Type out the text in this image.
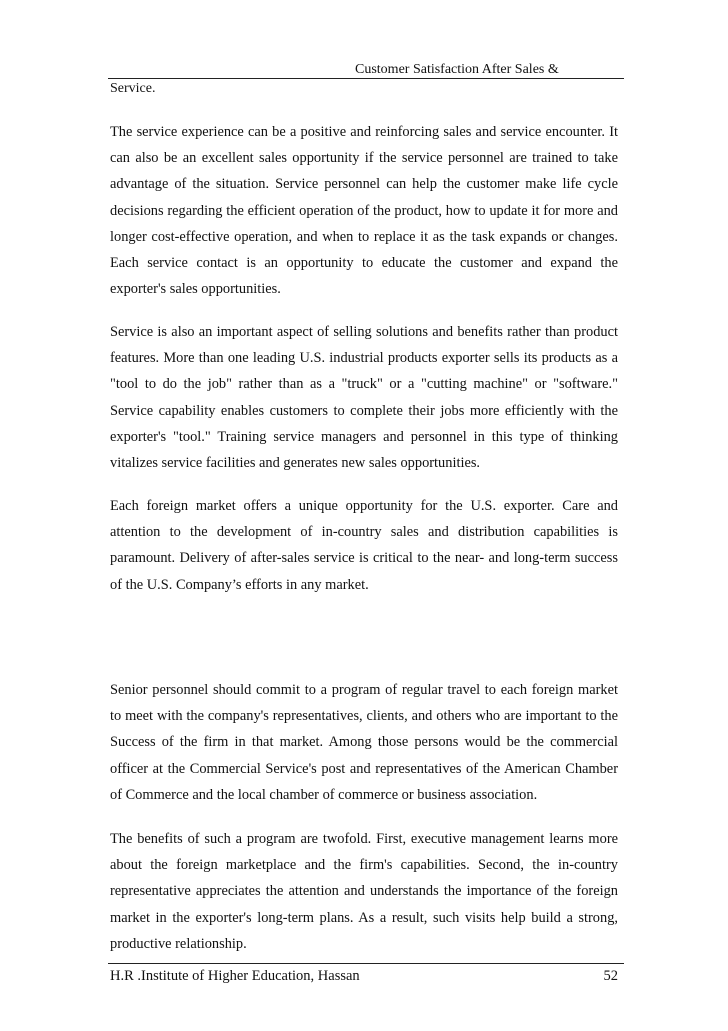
Customer Satisfaction After Sales &
Service.

The service experience can be a positive and reinforcing sales and service encounter. It can also be an excellent sales opportunity if the service personnel are trained to take advantage of the situation. Service personnel can help the customer make life cycle decisions regarding the efficient operation of the product, how to update it for more and longer cost-effective operation, and when to replace it as the task expands or changes. Each service contact is an opportunity to educate the customer and expand the exporter's sales opportunities.

Service is also an important aspect of selling solutions and benefits rather than product features. More than one leading U.S. industrial products exporter sells its products as a "tool to do the job" rather than as a "truck" or a "cutting machine" or "software." Service capability enables customers to complete their jobs more efficiently with the exporter's "tool." Training service managers and personnel in this type of thinking vitalizes service facilities and generates new sales opportunities.

Each foreign market offers a unique opportunity for the U.S. exporter. Care and attention to the development of in-country sales and distribution capabilities is paramount. Delivery of after-sales service is critical to the near- and long-term success of the U.S. Company’s efforts in any market.

Senior personnel should commit to a program of regular travel to each foreign market to meet with the company's representatives, clients, and others who are important to the Success of the firm in that market. Among those persons would be the commercial officer at the Commercial Service's post and representatives of the American Chamber of Commerce and the local chamber of commerce or business association.

The benefits of such a program are twofold. First, executive management learns more about the foreign marketplace and the firm's capabilities. Second, the in-country representative appreciates the attention and understands the importance of the foreign market in the exporter's long-term plans. As a result, such visits help build a strong, productive relationship.

H.R .Institute of Higher Education, Hassan	52
